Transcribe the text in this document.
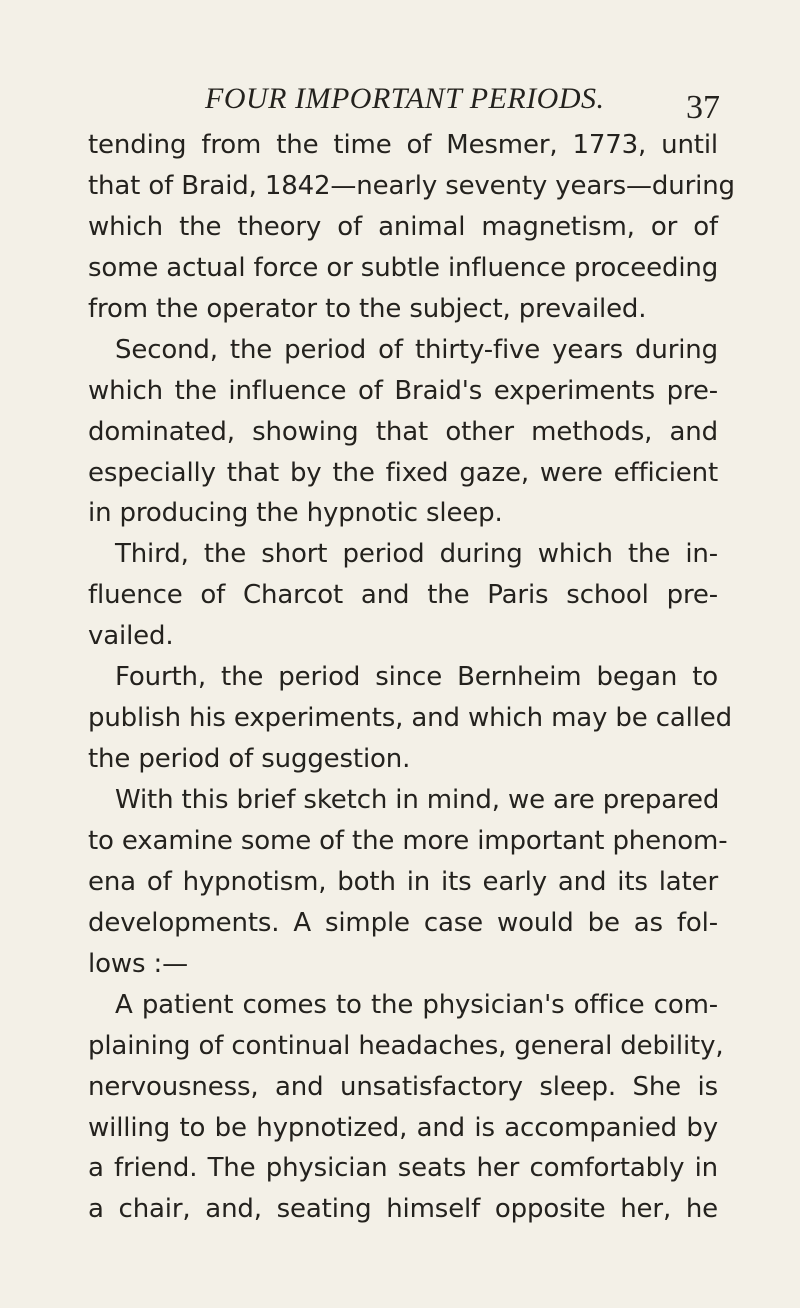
FOUR IMPORTANT PERIODS. 37
tending from the time of Mesmer, 1773, until
that of Braid, 1842—nearly seventy years—during
which the theory of animal magnetism, or of
some actual force or subtle influence proceeding
from the operator to the subject, prevailed.
Second, the period of thirty-five years during
which the influence of Braid's experiments pre-
dominated, showing that other methods, and
especially that by the fixed gaze, were efficient
in producing the hypnotic sleep.
Third, the short period during which the in-
fluence of Charcot and the Paris school pre-
vailed.
Fourth, the period since Bernheim began to
publish his experiments, and which may be called
the period of suggestion.
With this brief sketch in mind, we are prepared
to examine some of the more important phenom-
ena of hypnotism, both in its early and its later
developments. A simple case would be as fol-
lows :—
A patient comes to the physician's office com-
plaining of continual headaches, general debility,
nervousness, and unsatisfactory sleep. She is
willing to be hypnotized, and is accompanied by
a friend. The physician seats her comfortably in
a chair, and, seating himself opposite her, he
